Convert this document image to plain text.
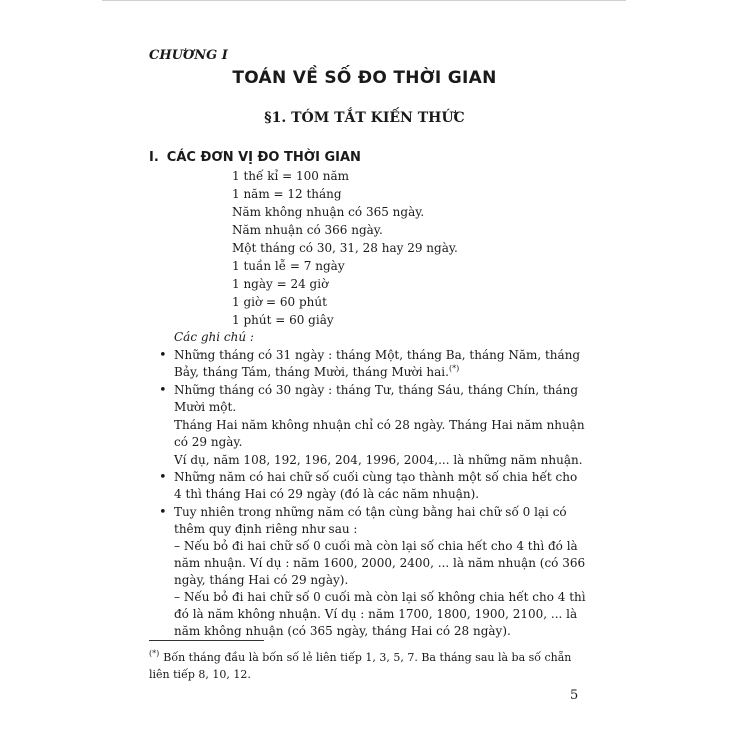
CHƯƠNG I
TOÁN VỀ SỐ ĐO THỜI GIAN
§1. TÓM TẮT KIẾN THỨC
I. CÁC ĐƠN VỊ ĐO THỜI GIAN
1 thế kỉ = 100 năm
1 năm = 12 tháng
Năm không nhuận có 365 ngày.
Năm nhuận có 366 ngày.
Một tháng có 30, 31, 28 hay 29 ngày.
1 tuần lễ = 7 ngày
1 ngày = 24 giờ
1 giờ = 60 phút
1 phút = 60 giây
Các ghi chú :
• Những tháng có 31 ngày : tháng Một, tháng Ba, tháng Năm, tháng Bảy, tháng Tám, tháng Mười, tháng Mười hai.(*)
• Những tháng có 30 ngày : tháng Tư, tháng Sáu, tháng Chín, tháng Mười một.
Tháng Hai năm không nhuận chỉ có 28 ngày. Tháng Hai năm nhuận có 29 ngày.
Ví dụ, năm 108, 192, 196, 204, 1996, 2004,... là những năm nhuận.
• Những năm có hai chữ số cuối cùng tạo thành một số chia hết cho 4 thì tháng Hai có 29 ngày (đó là các năm nhuận).
• Tuy nhiên trong những năm có tận cùng bằng hai chữ số 0 lại có thêm quy định riêng như sau :
– Nếu bỏ đi hai chữ số 0 cuối mà còn lại số chia hết cho 4 thì đó là năm nhuận. Ví dụ : năm 1600, 2000, 2400, ... là năm nhuận (có 366 ngày, tháng Hai có 29 ngày).
– Nếu bỏ đi hai chữ số 0 cuối mà còn lại số không chia hết cho 4 thì đó là năm không nhuận. Ví dụ : năm 1700, 1800, 1900, 2100, ... là năm không nhuận (có 365 ngày, tháng Hai có 28 ngày).
(*) Bốn tháng đầu là bốn số lẻ liên tiếp 1, 3, 5, 7. Ba tháng sau là ba số chẵn liên tiếp 8, 10, 12.
5
